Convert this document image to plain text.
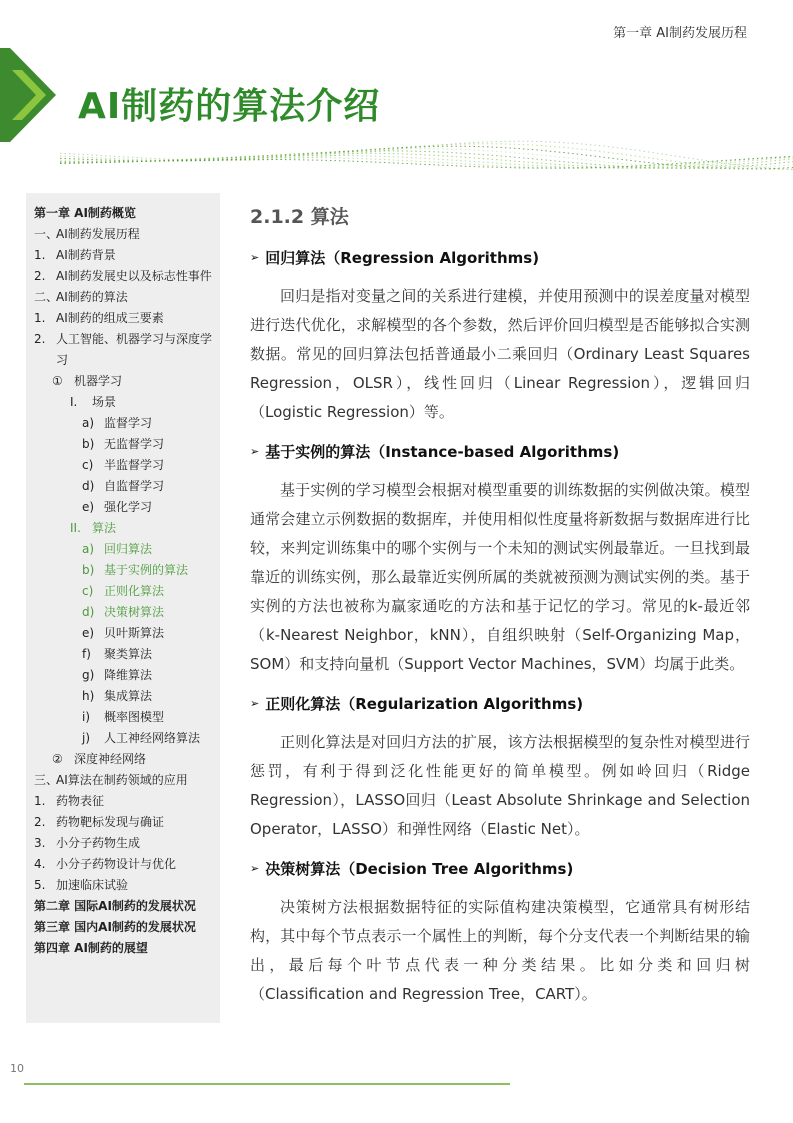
第一章 AI制药发展历程
AI制药的算法介绍
第一章 AI制药概览
一、
AI制药发展历程
1. AI制药背景
2. AI制药发展史以及标志性事件
二、
AI制药的算法
1. AI制药的组成三要素
2. 人工智能、机器学习与深度学习
① 机器学习
I.	场景
a) 监督学习
b) 无监督学习
c) 半监督学习
d) 自监督学习
e) 强化学习
II. 算法
a) 回归算法
b) 基于实例的算法
c) 正则化算法
d) 决策树算法
e) 贝叶斯算法
f)	聚类算法
g) 降维算法
h) 集成算法
i)	概率图模型
j)	人工神经网络算法
② 深度神经网络
三、
AI算法在制药领域的应用
1. 药物表征
2. 药物靶标发现与确证
3. 小分子药物生成
4. 小分子药物设计与优化
5. 加速临床试验
第二章 国际AI制药的发展状况
第三章 国内AI制药的发展状况
第四章 AI制药的展望
2.1.2 算法
➢ 回归算法（Regression Algorithms)

回归是指对变量之间的关系进行建模，并使用预测中的误差度量对模型进行迭代优化，求解模型的各个参数，然后评价回归模型是否能够拟合实测数据。常见的回归算法包括普通最小二乘回归（Ordinary Least Squares Regression，OLSR），线性回归（Linear Regression），逻辑回归（Logistic Regression）等。

➢ 基于实例的算法（Instance-based Algorithms)

基于实例的学习模型会根据对模型重要的训练数据的实例做决策。模型通常会建立示例数据的数据库，并使用相似性度量将新数据与数据库进行比较，来判定训练集中的哪个实例与一个未知的测试实例最靠近。一旦找到最靠近的训练实例，那么最靠近实例所属的类就被预测为测试实例的类。基于实例的方法也被称为赢家通吃的方法和基于记忆的学习。常见的k-最近邻（k-Nearest Neighbor，kNN），自组织映射（Self-Organizing Map，SOM）和支持向量机（Support Vector Machines，SVM）均属于此类。

➢ 正则化算法（Regularization Algorithms)

正则化算法是对回归方法的扩展，该方法根据模型的复杂性对模型进行惩罚，有利于得到泛化性能更好的简单模型。例如岭回归（Ridge Regression），LASSO回归（Least Absolute Shrinkage and Selection Operator，LASSO）和弹性网络（Elastic Net）。

➢ 决策树算法（Decision Tree Algorithms)

决策树方法根据数据特征的实际值构建决策模型，它通常具有树形结构，其中每个节点表示一个属性上的判断，每个分支代表一个判断结果的输出，最后每个叶节点代表一种分类结果。比如分类和回归树（Classification and Regression Tree，CART）。

10
